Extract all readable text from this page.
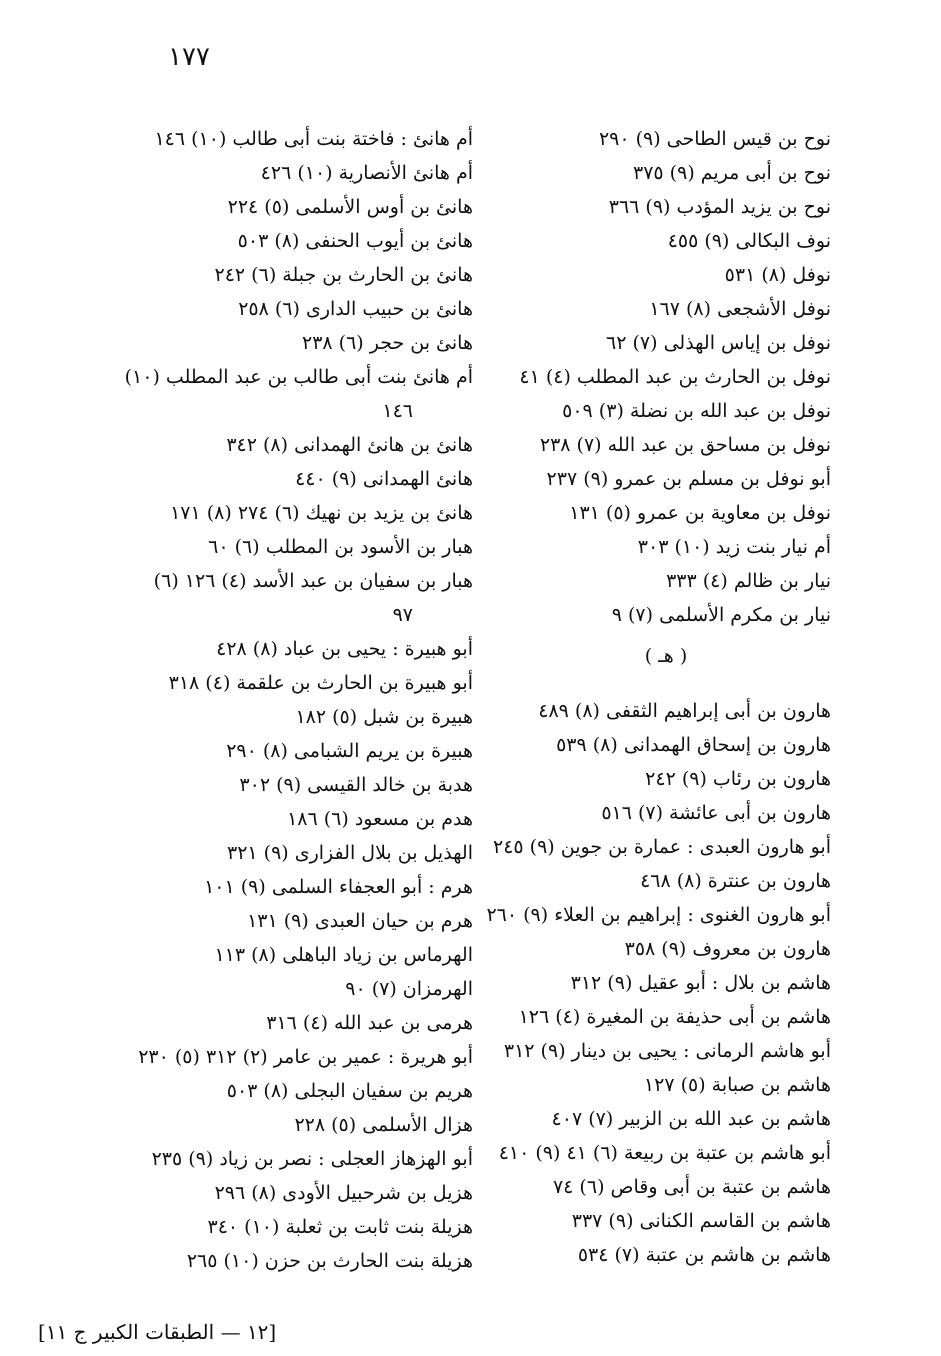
١٧٧
نوح بن قيس الطاحى (٩) ٢٩٠
نوح بن أبى مريم (٩) ٣٧٥
نوح بن يزيد المؤدب (٩) ٣٦٦
نوف البكالى (٩) ٤٥٥
نوفل (٨) ٥٣١
نوفل الأشجعى (٨) ١٦٧
نوفل بن إياس الهذلى (٧) ٦٢
نوفل بن الحارث بن عبد المطلب (٤) ٤١
نوفل بن عبد الله بن نضلة (٣) ٥٠٩
نوفل بن مساحق بن عبد الله (٧) ٢٣٨
أبو نوفل بن مسلم بن عمرو (٩) ٢٣٧
نوفل بن معاوية بن عمرو (٥) ١٣١
أم نيار بنت زيد (١٠) ٣٠٣
نيار بن ظالم (٤) ٣٣٣
نيار بن مكرم الأسلمى (٧) ٩
( هـ )
هارون بن أبى إبراهيم الثقفى (٨) ٤٨٩
هارون بن إسحاق الهمدانى (٨) ٥٣٩
هارون بن رئاب (٩) ٢٤٢
هارون بن أبى عائشة (٧) ٥١٦
أبو هارون العبدى : عمارة بن جوين (٩) ٢٤٥
هارون بن عنترة (٨) ٤٦٨
أبو هارون الغنوى : إبراهيم بن العلاء (٩) ٢٦٠
هارون بن معروف (٩) ٣٥٨
هاشم بن بلال : أبو عقيل (٩) ٣١٢
هاشم بن أبى حذيفة بن المغيرة (٤) ١٢٦
أبو هاشم الرمانى : يحيى بن دينار (٩) ٣١٢
هاشم بن صبابة (٥) ١٢٧
هاشم بن عبد الله بن الزبير (٧) ٤٠٧
أبو هاشم بن عتبة بن ربيعة (٦) ٤١ (٩) ٤١٠
هاشم بن عتبة بن أبى وقاص (٦) ٧٤
هاشم بن القاسم الكنانى (٩) ٣٣٧
هاشم بن هاشم بن عتبة (٧) ٥٣٤
أم هانئ : فاختة بنت أبى طالب (١٠) ١٤٦
أم هانئ الأنصارية (١٠) ٤٢٦
هانئ بن أوس الأسلمى (٥) ٢٢٤
هانئ بن أيوب الحنفى (٨) ٥٠٣
هانئ بن الحارث بن جبلة (٦) ٢٤٢
هانئ بن حبيب الدارى (٦) ٢٥٨
هانئ بن حجر (٦) ٢٣٨
أم هانئ بنت أبى طالب بن عبد المطلب (١٠)
١٤٦
هانئ بن هانئ الهمدانى (٨) ٣٤٢
هانئ الهمدانى (٩) ٤٤٠
هانئ بن يزيد بن نهيك (٦) ٢٧٤ (٨) ١٧١
هبار بن الأسود بن المطلب (٦) ٦٠
هبار بن سفيان بن عبد الأسد (٤) ١٢٦ (٦)
٩٧
أبو هبيرة : يحيى بن عباد (٨) ٤٢٨
أبو هبيرة بن الحارث بن علقمة (٤) ٣١٨
هبيرة بن شبل (٥) ١٨٢
هبيرة بن يريم الشبامى (٨) ٢٩٠
هدبة بن خالد القيسى (٩) ٣٠٢
هدم بن مسعود (٦) ١٨٦
الهذيل بن بلال الفزارى (٩) ٣٢١
هرم : أبو العجفاء السلمى (٩) ١٠١
هرم بن حيان العبدى (٩) ١٣١
الهرماس بن زياد الباهلى (٨) ١١٣
الهرمزان (٧) ٩٠
هرمى بن عبد الله (٤) ٣١٦
أبو هريرة : عمير بن عامر (٢) ٣١٢ (٥) ٢٣٠
هريم بن سفيان البجلى (٨) ٥٠٣
هزال الأسلمى (٥) ٢٢٨
أبو الهزهاز العجلى : نصر بن زياد (٩) ٢٣٥
هزيل بن شرحبيل الأودى (٨) ٢٩٦
هزيلة بنت ثابت بن ثعلبة (١٠) ٣٤٠
هزيلة بنت الحارث بن حزن (١٠) ٢٦٥
[١٢ — الطبقات الكبير ج ١١]
